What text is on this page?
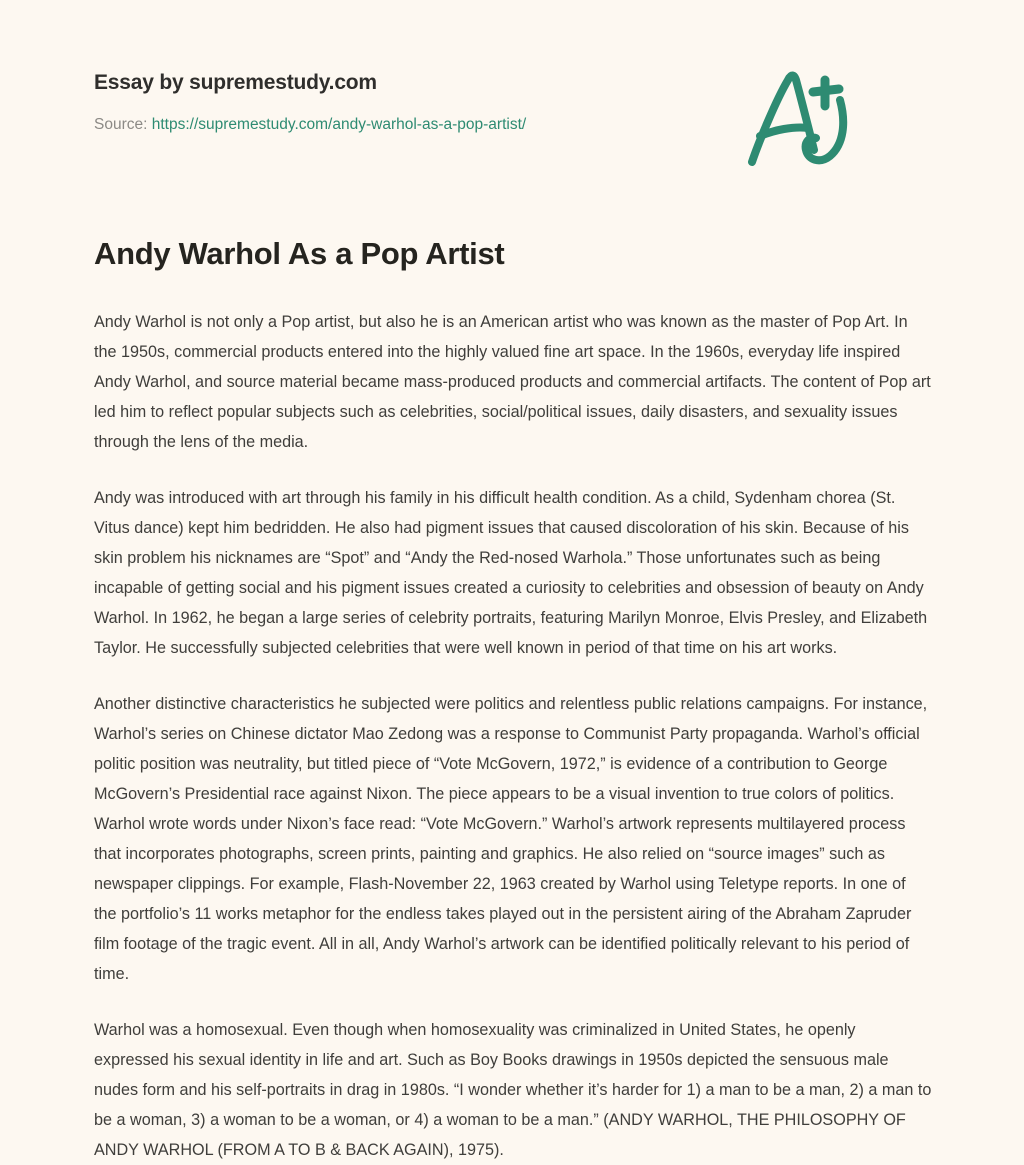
Essay by supremestudy.com

Source: https://supremestudy.com/andy-warhol-as-a-pop-artist/

Andy Warhol As a Pop Artist

Andy Warhol is not only a Pop artist, but also he is an American artist who was known as the master of Pop Art. In the 1950s, commercial products entered into the highly valued fine art space. In the 1960s, everyday life inspired Andy Warhol, and source material became mass-produced products and commercial artifacts. The content of Pop art led him to reflect popular subjects such as celebrities, social/political issues, daily disasters, and sexuality issues through the lens of the media.

Andy was introduced with art through his family in his difficult health condition. As a child, Sydenham chorea (St. Vitus dance) kept him bedridden. He also had pigment issues that caused discoloration of his skin. Because of his skin problem his nicknames are “Spot” and “Andy the Red-nosed Warhola.” Those unfortunates such as being incapable of getting social and his pigment issues created a curiosity to celebrities and obsession of beauty on Andy Warhol. In 1962, he began a large series of celebrity portraits, featuring Marilyn Monroe, Elvis Presley, and Elizabeth Taylor. He successfully subjected celebrities that were well known in period of that time on his art works.

Another distinctive characteristics he subjected were politics and relentless public relations campaigns. For instance, Warhol’s series on Chinese dictator Mao Zedong was a response to Communist Party propaganda. Warhol’s official politic position was neutrality, but titled piece of “Vote McGovern, 1972,” is evidence of a contribution to George McGovern’s Presidential race against Nixon. The piece appears to be a visual invention to true colors of politics. Warhol wrote words under Nixon’s face read: “Vote McGovern.” Warhol’s artwork represents multilayered process that incorporates photographs, screen prints, painting and graphics. He also relied on “source images” such as newspaper clippings. For example, Flash-November 22, 1963 created by Warhol using Teletype reports. In one of the portfolio’s 11 works metaphor for the endless takes played out in the persistent airing of the Abraham Zapruder film footage of the tragic event. All in all, Andy Warhol’s artwork can be identified politically relevant to his period of time.

Warhol was a homosexual. Even though when homosexuality was criminalized in United States, he openly expressed his sexual identity in life and art. Such as Boy Books drawings in 1950s depicted the sensuous male nudes form and his self-portraits in drag in 1980s. “I wonder whether it’s harder for 1) a man to be a man, 2) a man to be a woman, 3) a woman to be a woman, or 4) a woman to be a man.” (ANDY WARHOL, THE PHILOSOPHY OF ANDY WARHOL (FROM A TO B & BACK AGAIN), 1975).
